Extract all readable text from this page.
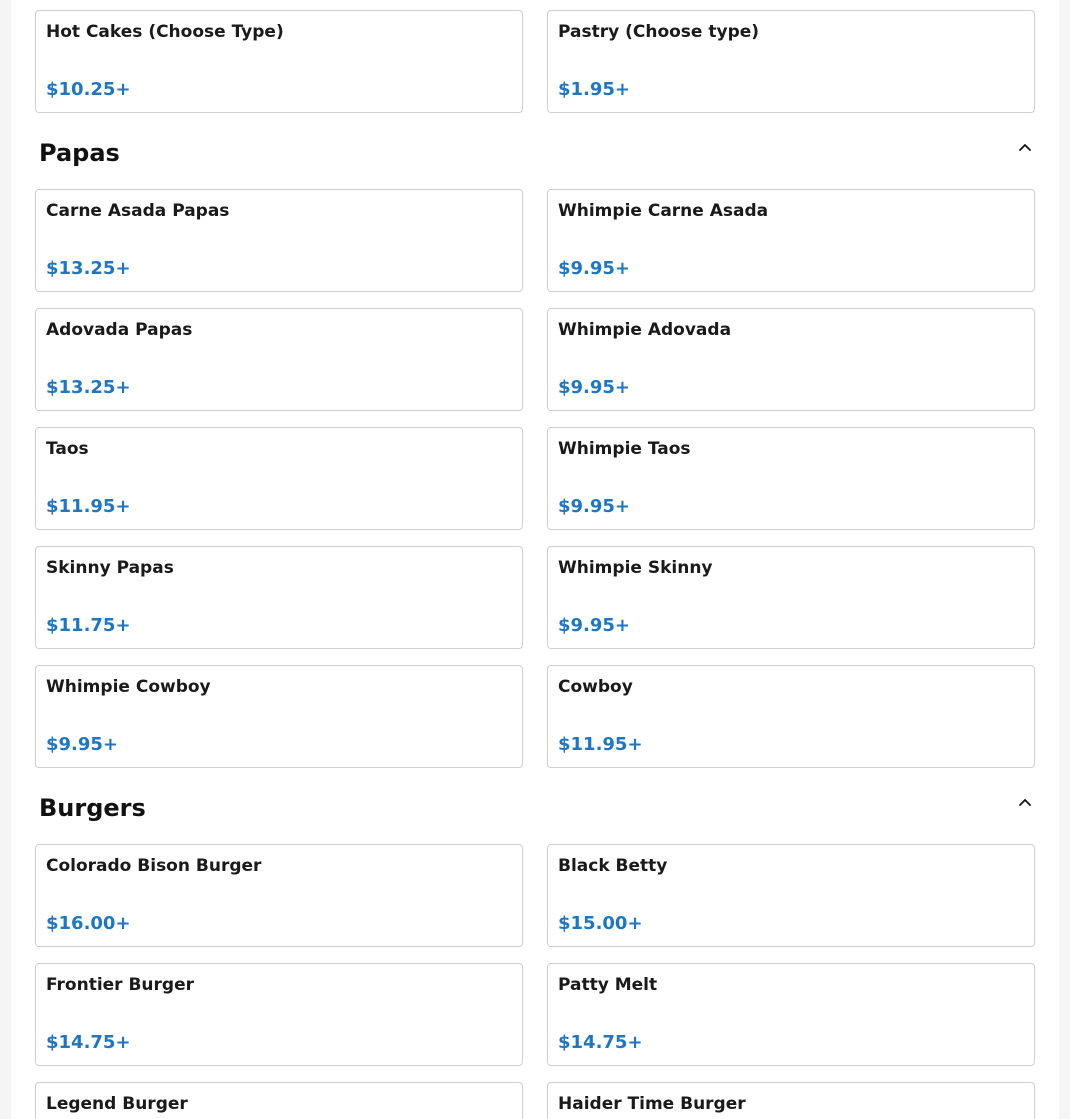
Hot Cakes (Choose Type)
$10.25+
Pastry (Choose type)
$1.95+
Papas
Carne Asada Papas
$13.25+
Whimpie Carne Asada
$9.95+
Adovada Papas
$13.25+
Whimpie Adovada
$9.95+
Taos
$11.95+
Whimpie Taos
$9.95+
Skinny Papas
$11.75+
Whimpie Skinny
$9.95+
Whimpie Cowboy
$9.95+
Cowboy
$11.95+
Burgers
Colorado Bison Burger
$16.00+
Black Betty
$15.00+
Frontier Burger
$14.75+
Patty Melt
$14.75+
Legend Burger	Haider Time Burger
